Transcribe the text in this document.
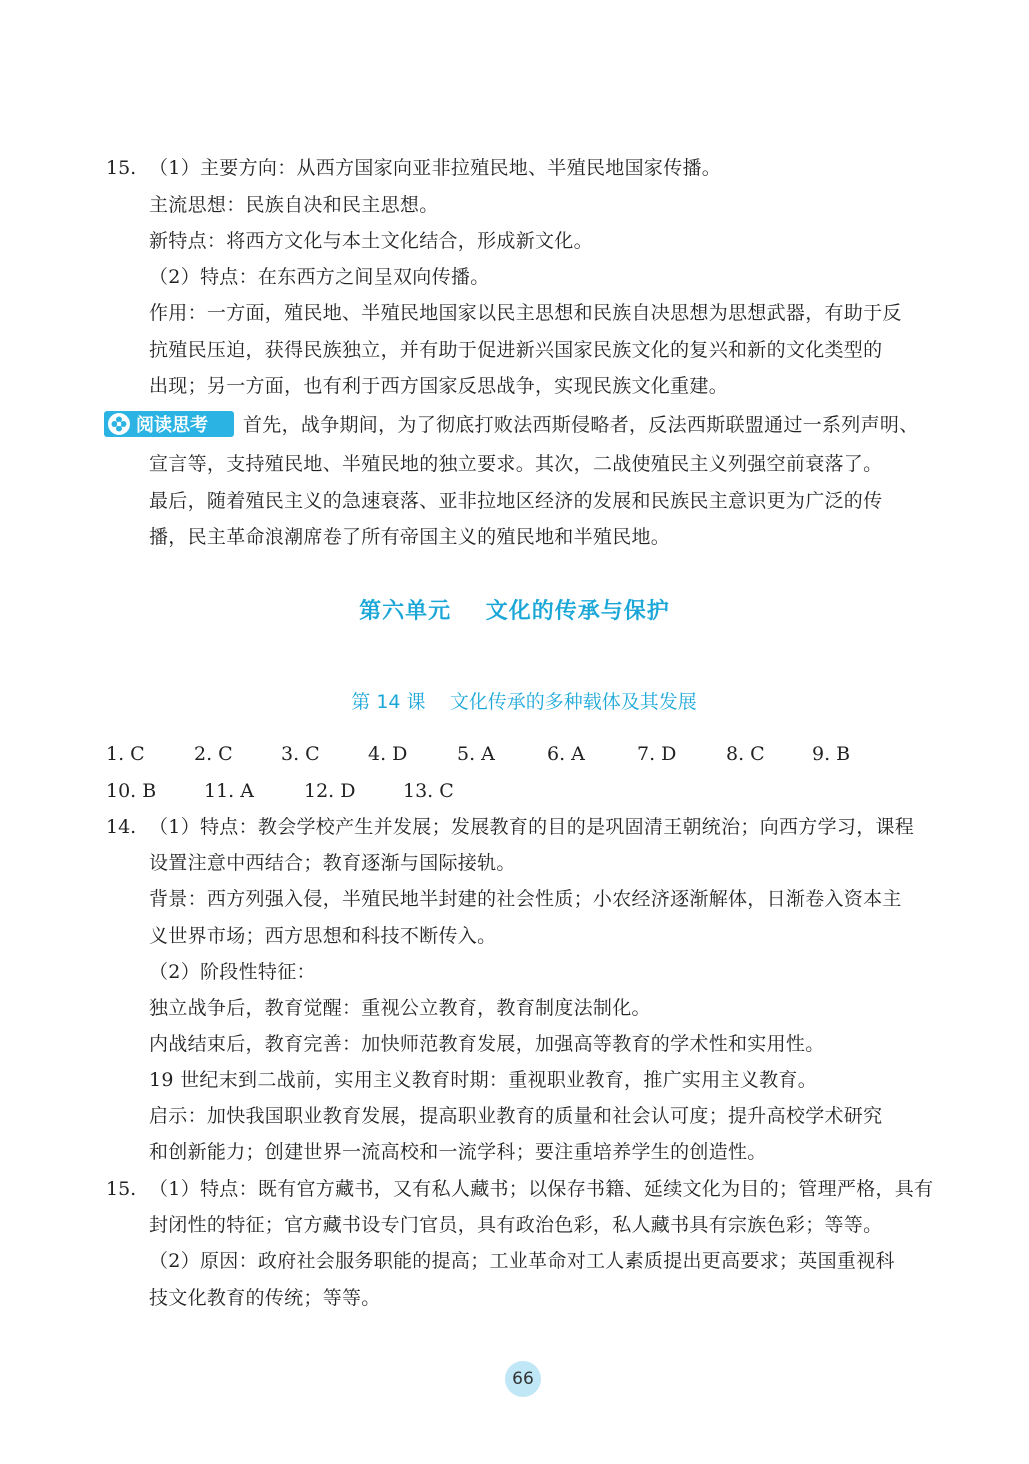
15. （1）主要方向：从西方国家向亚非拉殖民地、半殖民地国家传播。
主流思想：民族自决和民主思想。
新特点：将西方文化与本土文化结合，形成新文化。
（2）特点：在东西方之间呈双向传播。
作用：一方面，殖民地、半殖民地国家以民主思想和民族自决思想为思想武器，有助于反
抗殖民压迫，获得民族独立，并有助于促进新兴国家民族文化的复兴和新的文化类型的
出现；另一方面，也有利于西方国家反思战争，实现民族文化重建。
阅读思考 首先，战争期间，为了彻底打败法西斯侵略者，反法西斯联盟通过一系列声明、
宣言等，支持殖民地、半殖民地的独立要求。其次，二战使殖民主义列强空前衰落了。
最后，随着殖民主义的急速衰落、亚非拉地区经济的发展和民族民主意识更为广泛的传
播，民主革命浪潮席卷了所有帝国主义的殖民地和半殖民地。
第六单元    文化的传承与保护
第 14 课    文化传承的多种载体及其发展
1. C	2. C	3. C	4. D	5. A	6. A	7. D	8. C 9. B
10. B	11. A	12. D	13. C
14. （1）特点：教会学校产生并发展；发展教育的目的是巩固清王朝统治；向西方学习，课程
设置注意中西结合；教育逐渐与国际接轨。
背景：西方列强入侵，半殖民地半封建的社会性质；小农经济逐渐解体，日渐卷入资本主
义世界市场；西方思想和科技不断传入。
（2）阶段性特征：
独立战争后，教育觉醒：重视公立教育，教育制度法制化。
内战结束后，教育完善：加快师范教育发展，加强高等教育的学术性和实用性。
19 世纪末到二战前，实用主义教育时期：重视职业教育，推广实用主义教育。
启示：加快我国职业教育发展，提高职业教育的质量和社会认可度；提升高校学术研究
和创新能力；创建世界一流高校和一流学科；要注重培养学生的创造性。
15. （1）特点：既有官方藏书，又有私人藏书；以保存书籍、延续文化为目的；管理严格，具有
封闭性的特征；官方藏书设专门官员，具有政治色彩，私人藏书具有宗族色彩；等等。
（2）原因：政府社会服务职能的提高；工业革命对工人素质提出更高要求；英国重视科
技文化教育的传统；等等。
66
